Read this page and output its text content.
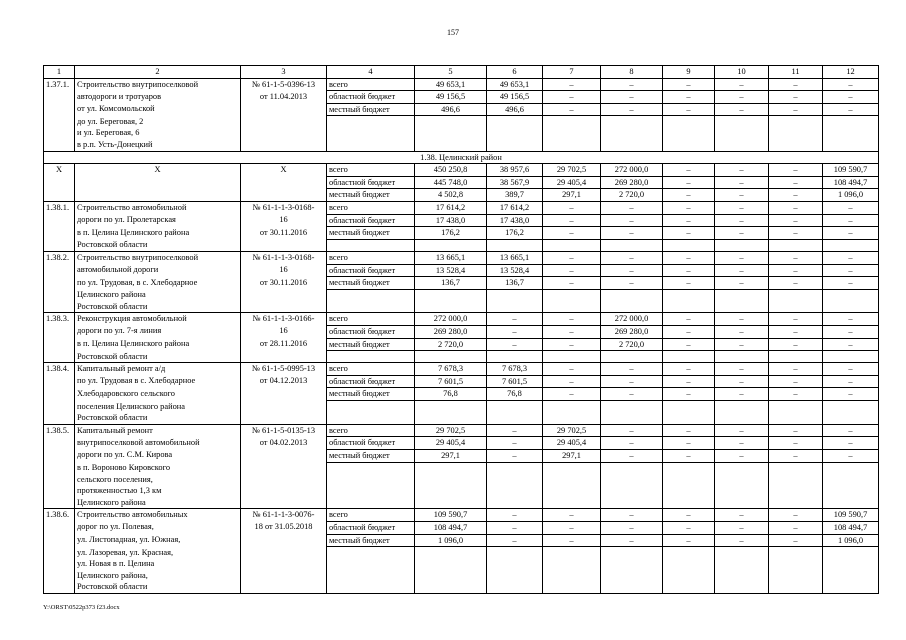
157
1	2	3	4	5	6	7	8	9	10	11	12
1.37.1.	Строительство внутрипоселковой	№ 61-1-5-0396-13	всего	49 653,1	49 653,1	–	–	–	–	–	–
	автодороги и тротуаров	от 11.04.2013	областной бюджет	49 156,5	49 156,5	–	–	–	–	–	–
	от ул. Комсомольской		местный бюджет	496,6	496,6	–	–	–	–	–	–
	до ул. Береговая, 2										
	и ул. Береговая, 6										
	в р.п. Усть-Донецкий										
1.38. Целинский район											
X	X	X	всего	450 250,8	38 957,6	29 702,5	272 000,0	–	–	–	109 590,7
			областной бюджет	445 748,0	38 567,9	29 405,4	269 280,0	–	–	–	108 494,7
			местный бюджет	4 502,8	389,7	297,1	2 720,0	–	–	–	1 096,0
1.38.1.	Строительство автомобильной	№ 61-1-1-3-0168-	всего	17 614,2	17 614,2	–	–	–	–	–	–
	дороги по ул. Пролетарская	16	областной бюджет	17 438,0	17 438,0	–	–	–	–	–	–
	в п. Целина Целинского района	от 30.11.2016	местный бюджет	176,2	176,2	–	–	–	–	–	–
	Ростовской области										
1.38.2.	Строительство внутрипоселковой	№ 61-1-1-3-0168-	всего	13 665,1	13 665,1	–	–	–	–	–	–
	автомобильной дороги	16	областной бюджет	13 528,4	13 528,4	–	–	–	–	–	–
	по ул. Трудовая, в с. Хлебодарное	от 30.11.2016	местный бюджет	136,7	136,7	–	–	–	–	–	–
	Целинского района										
	Ростовской области										
1.38.3.	Реконструкция автомобильной	№ 61-1-1-3-0166-	всего	272 000,0	–	–	272 000,0	–	–	–	–
	дороги по ул. 7-я линия	16	областной бюджет	269 280,0	–	–	269 280,0	–	–	–	–
	в п. Целина Целинского района	от 28.11.2016	местный бюджет	2 720,0	–	–	2 720,0	–	–	–	–
	Ростовской области										
1.38.4.	Капитальный ремонт а/д	№ 61-1-5-0995-13	всего	7 678,3	7 678,3	–	–	–	–	–	–
	по ул. Трудовая в с. Хлебодарное	от 04.12.2013	областной бюджет	7 601,5	7 601,5	–	–	–	–	–	–
	Хлебодаровского сельского		местный бюджет	76,8	76,8	–	–	–	–	–	–
	поселения Целинского района										
	Ростовской области										
1.38.5.	Капитальный ремонт	№ 61-1-5-0135-13	всего	29 702,5	–	29 702,5	–	–	–	–	–
	внутрипоселковой автомобильной	от 04.02.2013	областной бюджет	29 405,4	–	29 405,4	–	–	–	–	–
	дороги по ул. С.М. Кирова		местный бюджет	297,1	–	297,1	–	–	–	–	–
	в п. Вороново Кировского										
	сельского поселения,										
	протяженностью 1,3 км										
	Целинского района										
1.38.6.	Строительство автомобильных	№ 61-1-1-3-0076-	всего	109 590,7	–	–	–	–	–	–	109 590,7
	дорог по ул. Полевая,	18 от 31.05.2018	областной бюджет	108 494,7	–	–	–	–	–	–	108 494,7
	ул. Листопадная, ул. Южная,		местный бюджет	1 096,0	–	–	–	–	–	–	1 096,0
	ул. Лазоревая, ул. Красная,										
	ул. Новая в п. Целина										
	Целинского района,										
	Ростовской области										
Y:\ORST\0522p373 f23.docx
